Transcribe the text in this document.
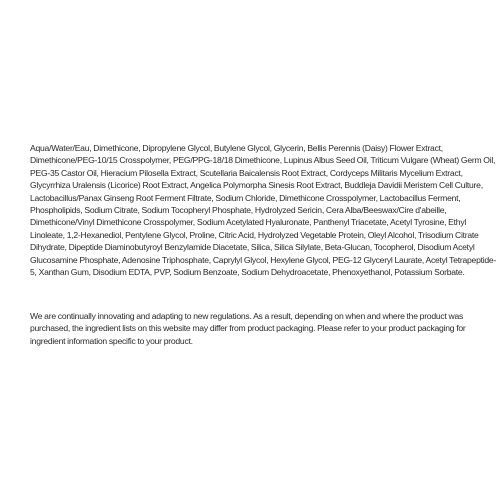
Aqua/Water/Eau, Dimethicone, Dipropylene Glycol, Butylene Glycol, Glycerin, Bellis Perennis (Daisy) Flower Extract, Dimethicone/PEG-10/15 Crosspolymer, PEG/PPG-18/18 Dimethicone, Lupinus Albus Seed Oil, Triticum Vulgare (Wheat) Germ Oil, PEG-35 Castor Oil, Hieracium Pilosella Extract, Scutellaria Baicalensis Root Extract, Cordyceps Militaris Mycelium Extract, Glycyrrhiza Uralensis (Licorice) Root Extract, Angelica Polymorpha Sinesis Root Extract, Buddleja Davidii Meristem Cell Culture, Lactobacillus/Panax Ginseng Root Ferment Filtrate, Sodium Chloride, Dimethicone Crosspolymer, Lactobacillus Ferment, Phospholipids, Sodium Citrate, Sodium Tocopheryl Phosphate, Hydrolyzed Sericin, Cera Alba/Beeswax/Cire d'abeille, Dimethicone/Vinyl Dimethicone Crosspolymer, Sodium Acetylated Hyaluronate, Panthenyl Triacetate, Acetyl Tyrosine, Ethyl Linoleate, 1,2-Hexanediol, Pentylene Glycol, Proline, Citric Acid, Hydrolyzed Vegetable Protein, Oleyl Alcohol, Trisodium Citrate Dihydrate, Dipeptide Diaminobutyroyl Benzylamide Diacetate, Silica, Silica Silylate, Beta-Glucan, Tocopherol, Disodium Acetyl Glucosamine Phosphate, Adenosine Triphosphate, Caprylyl Glycol, Hexylene Glycol, PEG-12 Glyceryl Laurate, Acetyl Tetrapeptide-5, Xanthan Gum, Disodium EDTA, PVP, Sodium Benzoate, Sodium Dehydroacetate, Phenoxyethanol, Potassium Sorbate.

We are continually innovating and adapting to new regulations. As a result, depending on when and where the product was purchased, the ingredient lists on this website may differ from product packaging. Please refer to your product packaging for ingredient information specific to your product.
